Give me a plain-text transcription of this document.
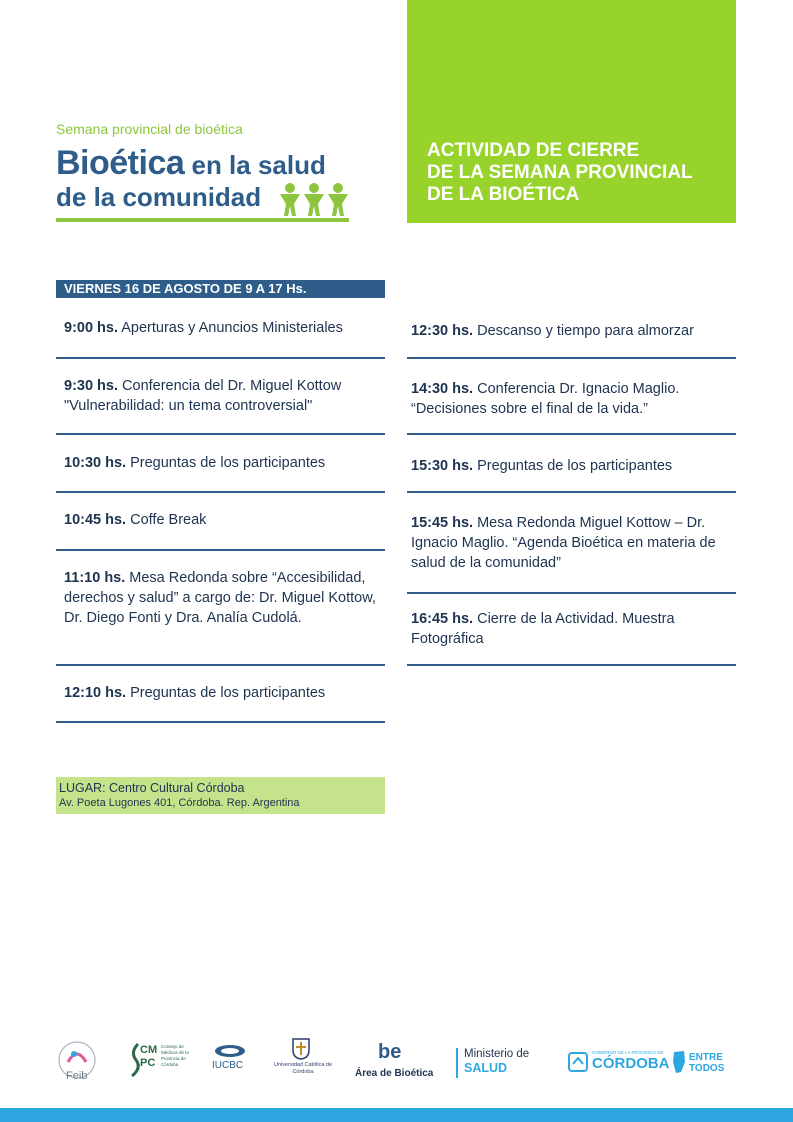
ACTIVIDAD DE CIERRE
DE LA SEMANA PROVINCIAL
DE LA BIOÉTICA
Semana provincial de bioética
Bioética en la salud
de la comunidad
VIERNES 16 DE AGOSTO DE 9 A 17 Hs.
9:00 hs. Aperturas y Anuncios Ministeriales
9:30 hs. Conferencia del Dr. Miguel Kottow "Vulnerabilidad: un tema controversial"
10:30 hs. Preguntas de los participantes
10:45 hs. Coffe Break
11:10 hs. Mesa Redonda sobre “Accesibilidad, derechos y salud” a cargo de: Dr. Miguel Kottow, Dr. Diego Fonti y Dra. Analía Cudolá.
12:10 hs. Preguntas de los participantes
12:30 hs. Descanso y tiempo para almorzar
14:30 hs. Conferencia Dr. Ignacio Maglio. “Decisiones sobre el final de la vida.”
15:30 hs. Preguntas de los participantes
15:45 hs. Mesa Redonda Miguel Kottow – Dr. Ignacio Maglio. “Agenda Bioética en materia de salud de la comunidad”
16:45 hs. Cierre de la Actividad. Muestra Fotográfica
LUGAR: Centro Cultural Córdoba
Av. Poeta Lugones 401, Córdoba. Rep. Argentina
Feib
CMPC
Consejo de Médicos de la Provincia de Córdoba	IUCBC	Universidad Católica de Córdoba
be
Área de Bioética
Ministerio de
SALUD
GOBIERNO DE LA PROVINCIA DE
CÓRDOBA ENTRE
TODOS
